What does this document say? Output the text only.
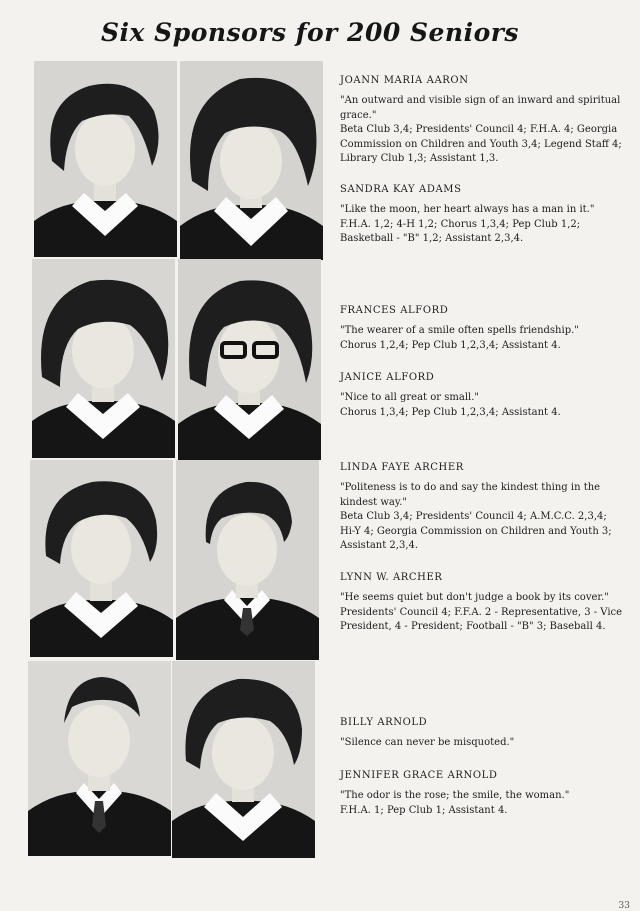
Six Sponsors for 200 Seniors
JOANN MARIA AARON
"An outward and visible sign of an inward and spiritual grace."
Beta Club 3,4; Presidents' Council 4; F.H.A. 4; Georgia Commission on Children and Youth 3,4; Legend Staff 4; Library Club 1,3; Assistant 1,3.
SANDRA KAY ADAMS
"Like the moon, her heart always has a man in it."
F.H.A. 1,2; 4-H 1,2; Chorus 1,3,4; Pep Club 1,2; Basketball - "B" 1,2; Assistant 2,3,4.
FRANCES ALFORD
"The wearer of a smile often spells friendship."
Chorus 1,2,4; Pep Club 1,2,3,4; Assistant 4.
JANICE ALFORD
"Nice to all great or small."
Chorus 1,3,4; Pep Club 1,2,3,4; Assistant 4.
LINDA FAYE ARCHER
"Politeness is to do and say the kindest thing in the kindest way."
Beta Club 3,4; Presidents' Council 4; A.M.C.C. 2,3,4; Hi-Y 4; Georgia Commission on Children and Youth 3; Assistant 2,3,4.
LYNN W. ARCHER
"He seems quiet but don't judge a book by its cover."
Presidents' Council 4; F.F.A. 2 - Representative, 3 - Vice President, 4 - President; Football - "B" 3; Baseball 4.
BILLY ARNOLD
"Silence can never be misquoted."
JENNIFER GRACE ARNOLD
"The odor is the rose; the smile, the woman."
F.H.A. 1; Pep Club 1; Assistant 4.
33
